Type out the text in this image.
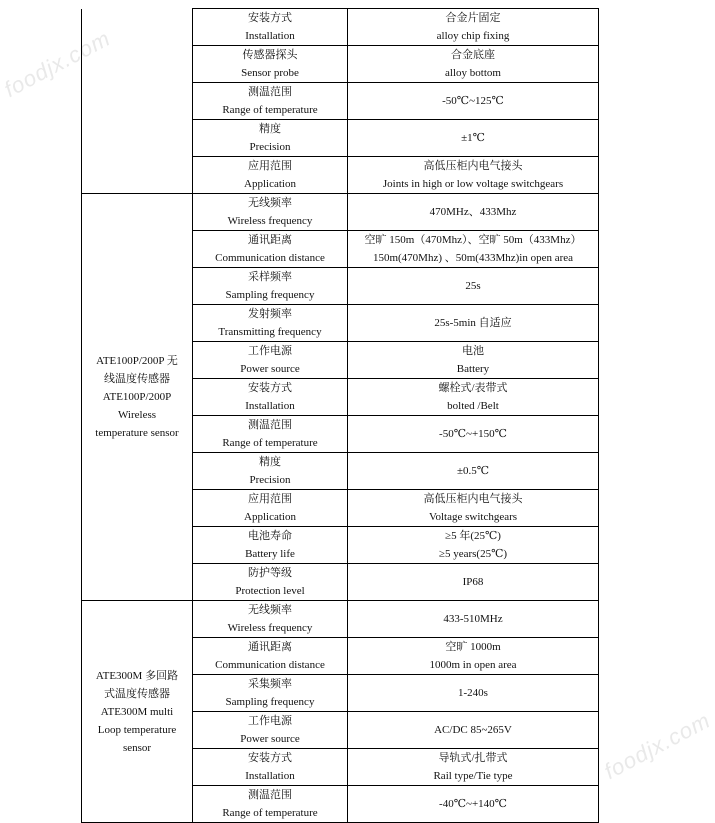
foodjx.com
foodjx.com

	安装方式
Installation	合金片固定
alloy chip fixing

	传感器探头
Sensor probe	合金底座
alloy bottom

	测温范围
Range of temperature	-50℃~125℃

	精度
Precision	±1℃

	应用范围
Application	高低压柜内电气接头
Joints in high or low voltage switchgears

ATE100P/200P 无
线温度传感器
ATE100P/200P
Wireless
temperature sensor	无线频率
Wireless frequency	470MHz、433Mhz

	通讯距离
Communication distance	空旷 150m（470Mhz）、空旷 50m（433Mhz）
150m(470Mhz) 、50m(433Mhz)in open area

	采样频率
Sampling frequency	25s

	发射频率
Transmitting frequency	25s-5min 自适应

	工作电源
Power source	电池
Battery

	安装方式
Installation	螺栓式/表带式
bolted /Belt

	测温范围
Range of temperature	-50℃~+150℃

	精度
Precision	±0.5℃

	应用范围
Application	高低压柜内电气接头
Voltage switchgears

	电池寿命
Battery life	≥5 年(25℃)
≥5 years(25℃)

	防护等级
Protection level	IP68

ATE300M 多回路
式温度传感器
ATE300M multi
Loop temperature
sensor	无线频率
Wireless frequency	433-510MHz

	通讯距离
Communication distance	空旷 1000m
1000m in open area

	采集频率
Sampling frequency	1-240s

	工作电源
Power source	AC/DC 85~265V

	安装方式
Installation	导轨式/扎带式
Rail type/Tie type

	测温范围
Range of temperature	-40℃~+140℃
